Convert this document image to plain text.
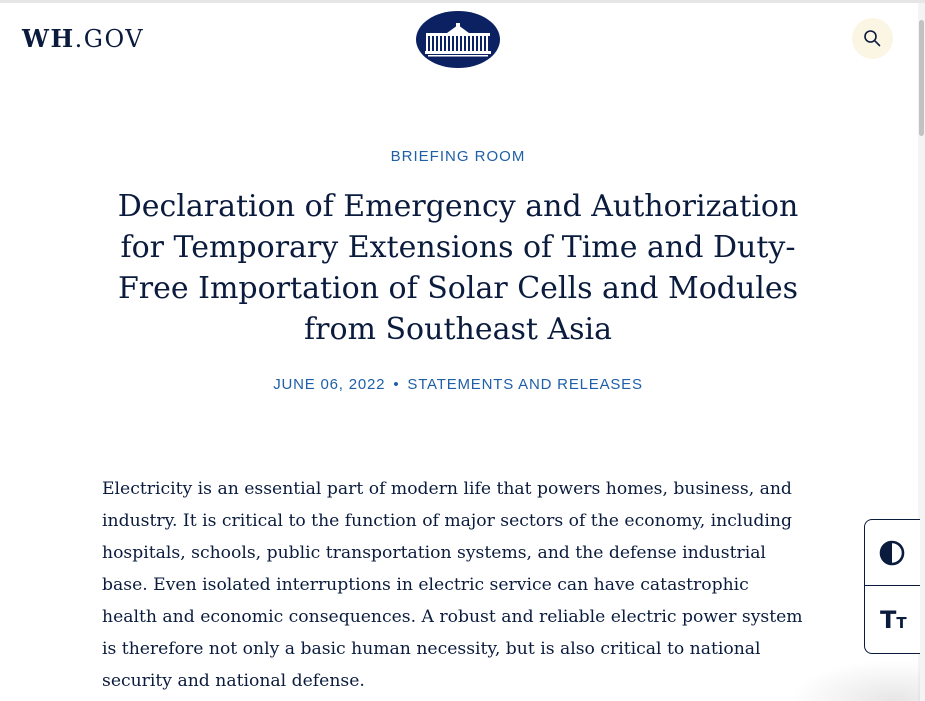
WH.GOV
BRIEFING ROOM
Declaration of Emergency and Authorization for Temporary Extensions of Time and Duty-Free Importation of Solar Cells and Modules from Southeast Asia
JUNE 06, 2022 • STATEMENTS AND RELEASES

Electricity is an essential part of modern life that powers homes, business, and industry. It is critical to the function of major sectors of the economy, including hospitals, schools, public transportation systems, and the defense industrial base. Even isolated interruptions in electric service can have catastrophic health and economic consequences. A robust and reliable electric power system is therefore not only a basic human necessity, but is also critical to national security and national defense.

TT
